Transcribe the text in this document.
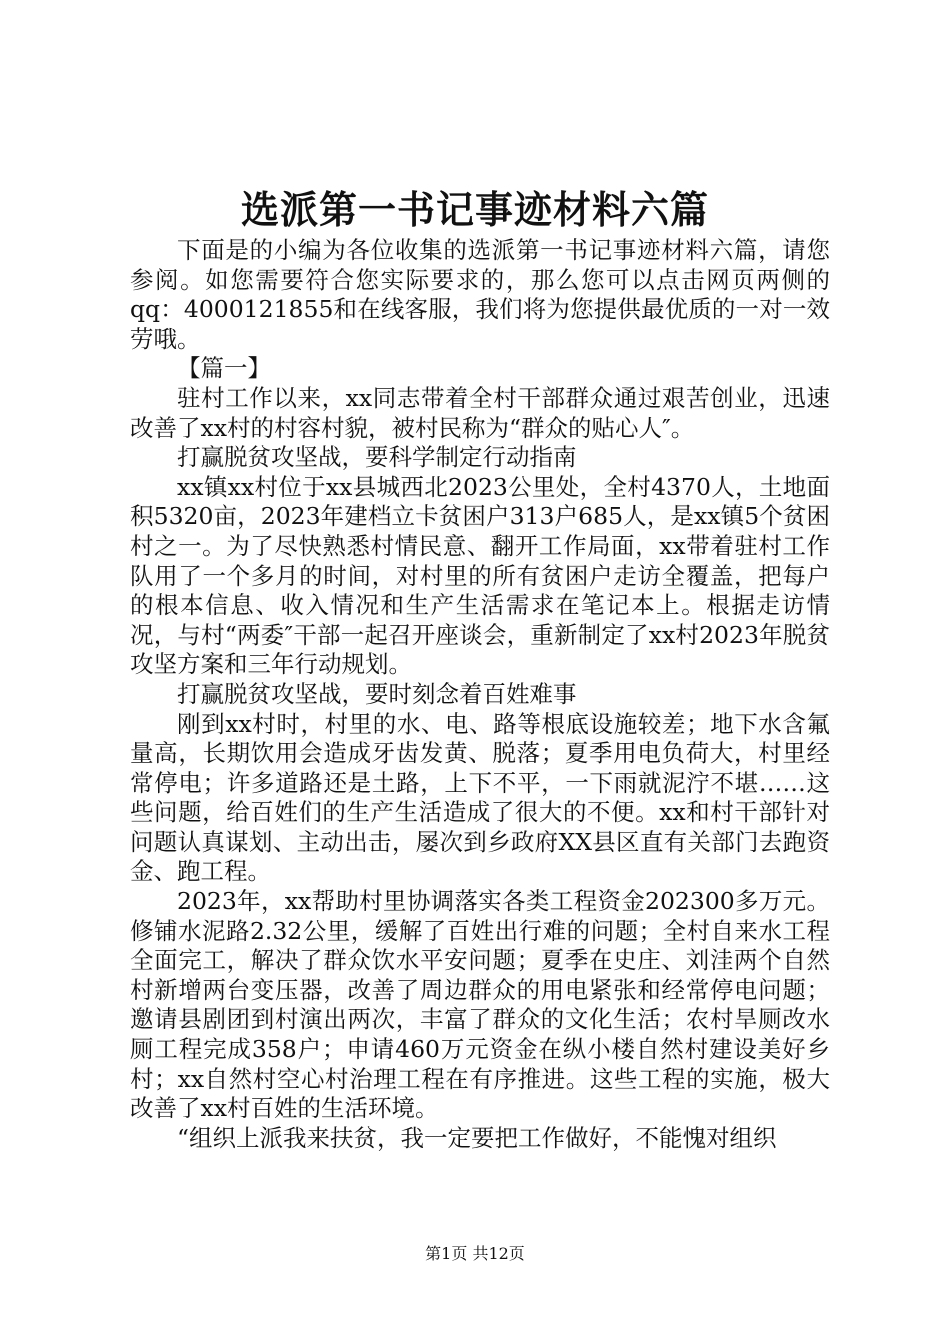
选派第一书记事迹材料六篇

下面是的小编为各位收集的选派第一书记事迹材料六篇，请您参阅。如您需要符合您实际要求的，那么您可以点击网页两侧的qq：4000121855和在线客服，我们将为您提供最优质的一对一效劳哦。

【篇一】

驻村工作以来，xx同志带着全村干部群众通过艰苦创业，迅速改善了xx村的村容村貌，被村民称为“群众的贴心人″。

打赢脱贫攻坚战，要科学制定行动指南

xx镇xx村位于xx县城西北2023公里处，全村4370人，土地面积5320亩，2023年建档立卡贫困户313户685人，是xx镇5个贫困村之一。为了尽快熟悉村情民意、翻开工作局面，xx带着驻村工作队用了一个多月的时间，对村里的所有贫困户走访全覆盖，把每户的根本信息、收入情况和生产生活需求在笔记本上。根据走访情况，与村“两委″干部一起召开座谈会，重新制定了xx村2023年脱贫攻坚方案和三年行动规划。

打赢脱贫攻坚战，要时刻念着百姓难事

刚到xx村时，村里的水、电、路等根底设施较差；地下水含氟量高，长期饮用会造成牙齿发黄、脱落；夏季用电负荷大，村里经常停电；许多道路还是土路，上下不平，一下雨就泥泞不堪……这些问题，给百姓们的生产生活造成了很大的不便。xx和村干部针对问题认真谋划、主动出击，屡次到乡政府XX县区直有关部门去跑资金、跑工程。

2023年，xx帮助村里协调落实各类工程资金202300多万元。修铺水泥路2.32公里，缓解了百姓出行难的问题；全村自来水工程全面完工，解决了群众饮水平安问题；夏季在史庄、刘洼两个自然村新增两台变压器，改善了周边群众的用电紧张和经常停电问题；邀请县剧团到村演出两次，丰富了群众的文化生活；农村旱厕改水厕工程完成358户；申请460万元资金在纵小楼自然村建设美好乡村；xx自然村空心村治理工程在有序推进。这些工程的实施，极大改善了xx村百姓的生活环境。

“组织上派我来扶贫，我一定要把工作做好，不能愧对组织

第1页 共12页
